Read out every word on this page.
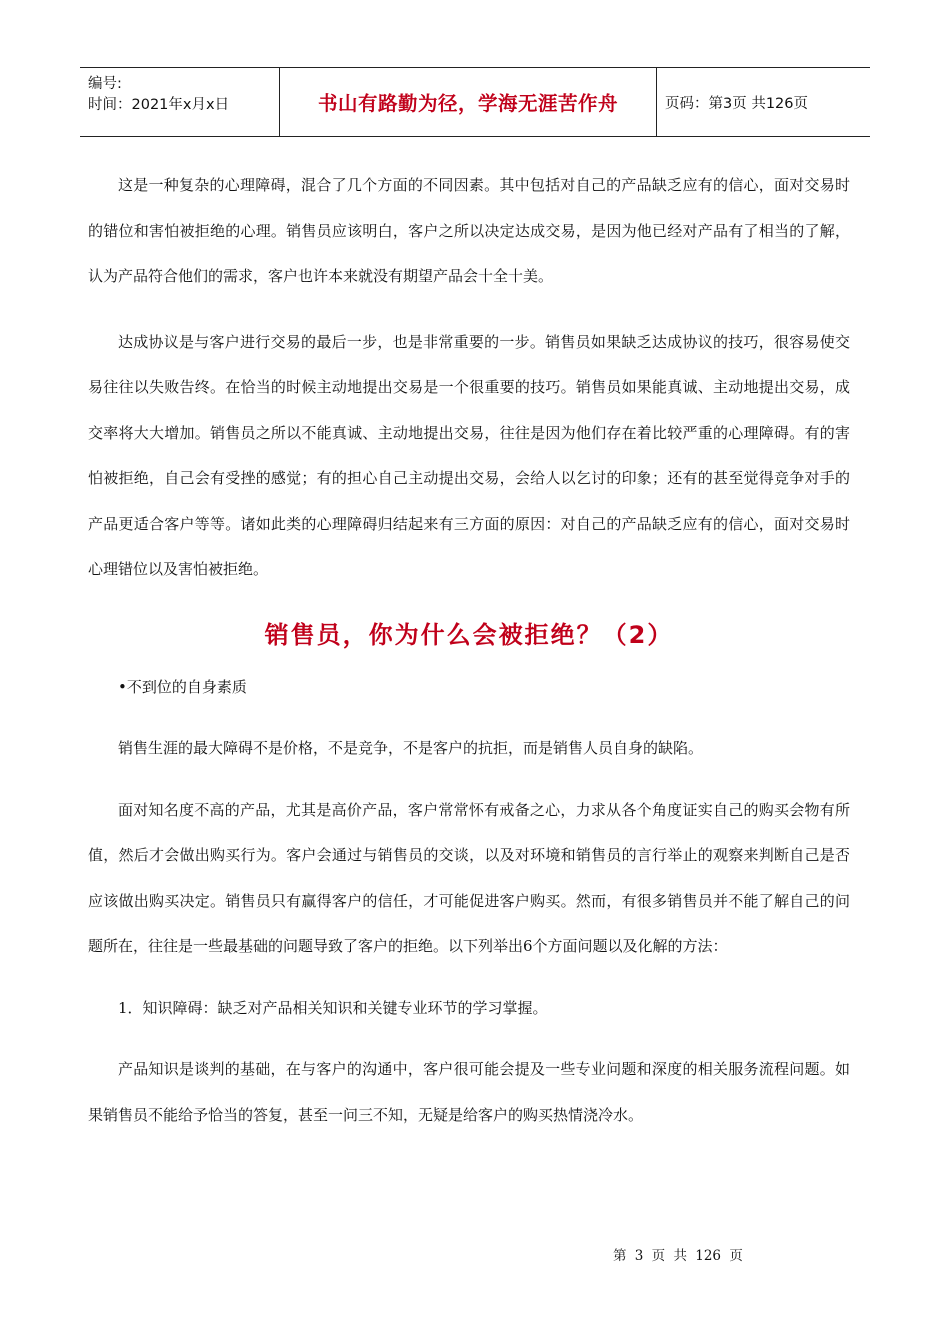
编号:
时间：2021年x月x日	书山有路勤为径，学海无涯苦作舟	页码：第3页 共126页

这是一种复杂的心理障碍，混合了几个方面的不同因素。其中包括对自己的产品缺乏应有的信心，面对交易时的错位和害怕被拒绝的心理。销售员应该明白，客户之所以决定达成交易，是因为他已经对产品有了相当的了解，认为产品符合他们的需求，客户也许本来就没有期望产品会十全十美。

达成协议是与客户进行交易的最后一步，也是非常重要的一步。销售员如果缺乏达成协议的技巧，很容易使交易往往以失败告终。在恰当的时候主动地提出交易是一个很重要的技巧。销售员如果能真诚、主动地提出交易，成交率将大大增加。销售员之所以不能真诚、主动地提出交易，往往是因为他们存在着比较严重的心理障碍。有的害怕被拒绝，自己会有受挫的感觉；有的担心自己主动提出交易，会给人以乞讨的印象；还有的甚至觉得竞争对手的产品更适合客户等等。诸如此类的心理障碍归结起来有三方面的原因：对自己的产品缺乏应有的信心，面对交易时心理错位以及害怕被拒绝。

销售员，你为什么会被拒绝？（2）

•不到位的自身素质

销售生涯的最大障碍不是价格，不是竞争，不是客户的抗拒，而是销售人员自身的缺陷。

面对知名度不高的产品，尤其是高价产品，客户常常怀有戒备之心，力求从各个角度证实自己的购买会物有所值，然后才会做出购买行为。客户会通过与销售员的交谈，以及对环境和销售员的言行举止的观察来判断自己是否应该做出购买决定。销售员只有赢得客户的信任，才可能促进客户购买。然而，有很多销售员并不能了解自己的问题所在，往往是一些最基础的问题导致了客户的拒绝。以下列举出6个方面问题以及化解的方法：

1．知识障碍：缺乏对产品相关知识和关键专业环节的学习掌握。

产品知识是谈判的基础，在与客户的沟通中，客户很可能会提及一些专业问题和深度的相关服务流程问题。如果销售员不能给予恰当的答复，甚至一问三不知，无疑是给客户的购买热情浇冷水。

第 3 页 共 126 页
